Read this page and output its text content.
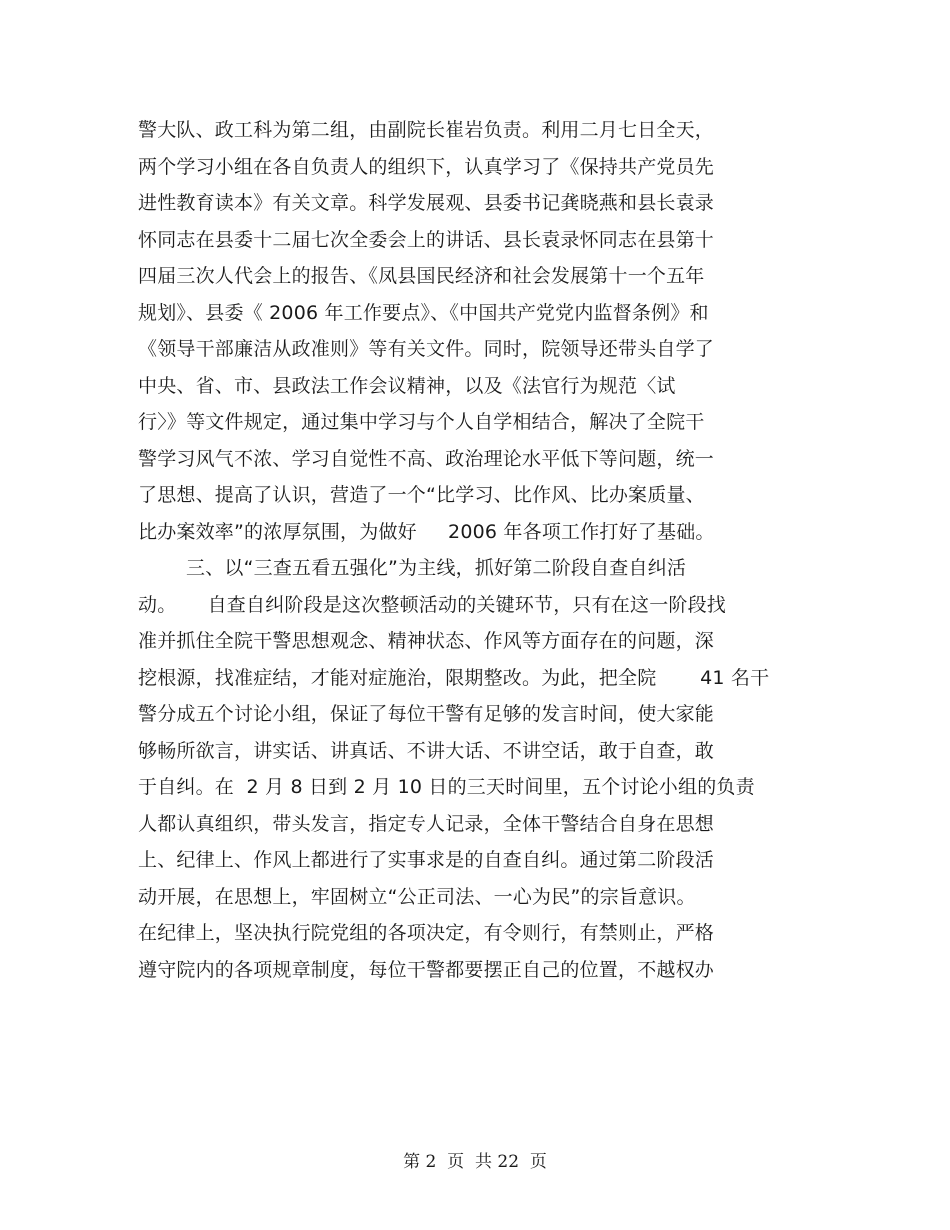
警大队、政工科为第二组，由副院长崔岩负责。利用二月七日全天，
两个学习小组在各自负责人的组织下，认真学习了《保持共产党员先
进性教育读本》有关文章。科学发展观、县委书记龚晓燕和县长袁录
怀同志在县委十二届七次全委会上的讲话、县长袁录怀同志在县第十
四届三次人代会上的报告、《凤县国民经济和社会发展第十一个五年
规划》、县委《 2006 年工作要点》、《中国共产党党内监督条例》和
《领导干部廉洁从政准则》等有关文件。同时，院领导还带头自学了
中央、省、市、县政法工作会议精神，以及《法官行为规范〈试
行〉》等文件规定，通过集中学习与个人自学相结合，解决了全院干
警学习风气不浓、学习自觉性不高、政治理论水平低下等问题，统一
了思想、提高了认识，营造了一个“比学习、比作风、比办案质量、
比办案效率”的浓厚氛围，为做好     2006 年各项工作打好了基础。
三、以“三查五看五强化”为主线，抓好第二阶段自查自纠活
动。     自查自纠阶段是这次整顿活动的关键环节，只有在这一阶段找
准并抓住全院干警思想观念、精神状态、作风等方面存在的问题，深
挖根源，找准症结，才能对症施治，限期整改。为此，把全院       41 名干
警分成五个讨论小组，保证了每位干警有足够的发言时间，使大家能
够畅所欲言，讲实话、讲真话、不讲大话、不讲空话，敢于自查，敢
于自纠。在  2 月 8 日到 2 月 10 日的三天时间里，五个讨论小组的负责
人都认真组织，带头发言，指定专人记录，全体干警结合自身在思想
上、纪律上、作风上都进行了实事求是的自查自纠。通过第二阶段活
动开展，在思想上，牢固树立“公正司法、一心为民”的宗旨意识。
在纪律上，坚决执行院党组的各项决定，有令则行，有禁则止，严格
遵守院内的各项规章制度，每位干警都要摆正自己的位置，不越权办
第 2  页  共 22  页
